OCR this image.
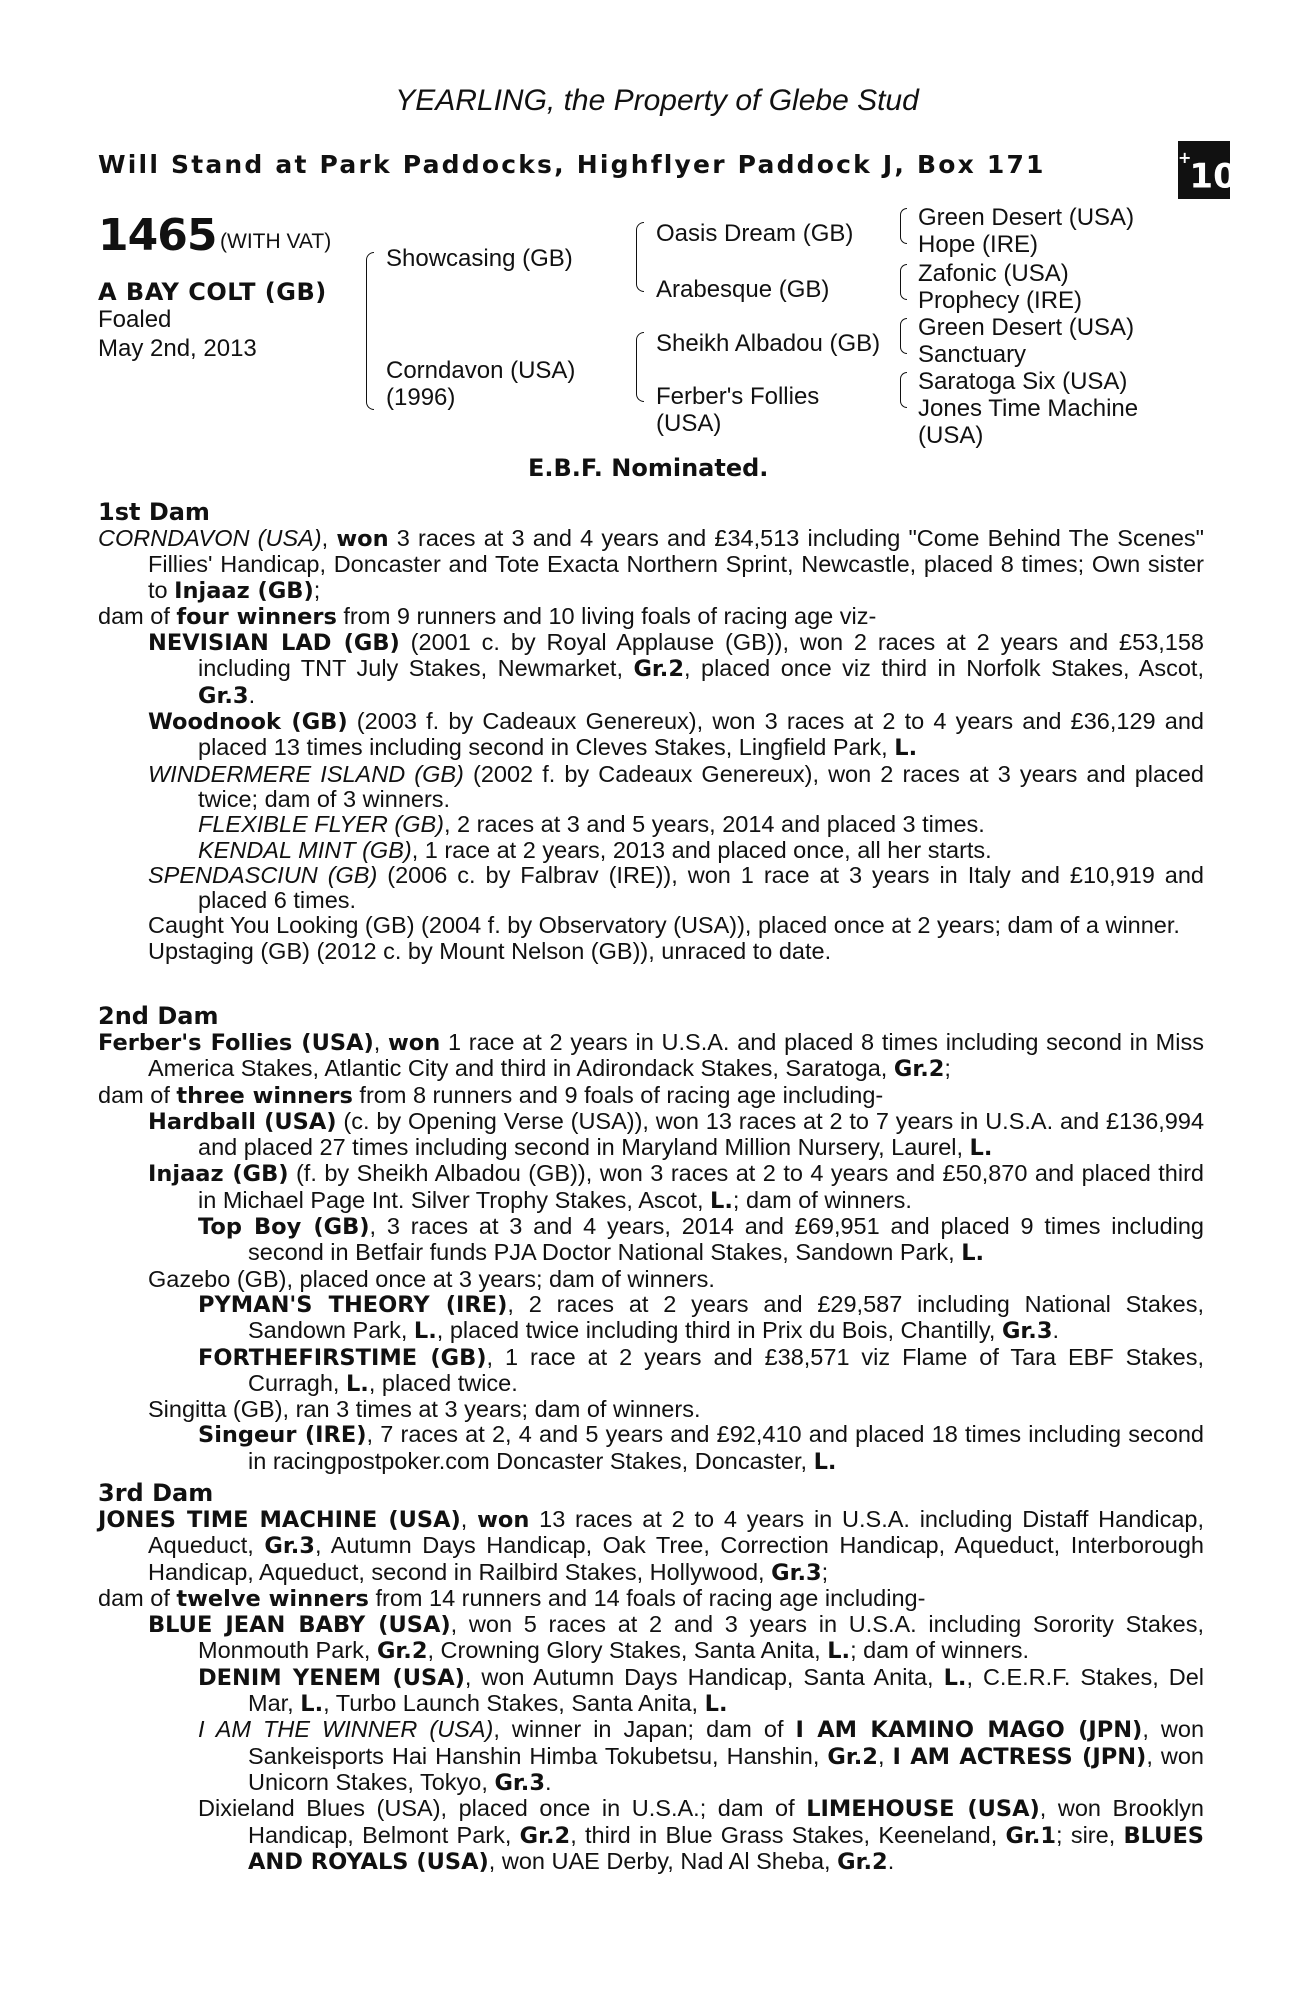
YEARLING, the Property of Glebe Stud
Will Stand at Park Paddocks, Highflyer Paddock J, Box 171	+10
1465 (WITH VAT)
A BAY COLT (GB)
Foaled
May 2nd, 2013
Showcasing (GB)
Corndavon (USA)
(1996)
Oasis Dream (GB)
Arabesque (GB)
Sheikh Albadou (GB)
Ferber's Follies
(USA)
Green Desert (USA)
Hope (IRE)
Zafonic (USA)
Prophecy (IRE)
Green Desert (USA)
Sanctuary
Saratoga Six (USA)
Jones Time Machine
(USA)
E.B.F. Nominated.
1st Dam
CORNDAVON (USA), won 3 races at 3 and 4 years and £34,513 including "Come Behind The Scenes" Fillies' Handicap, Doncaster and Tote Exacta Northern Sprint, Newcastle, placed 8 times; Own sister to Injaaz (GB);
dam of four winners from 9 runners and 10 living foals of racing age viz-
NEVISIAN LAD (GB) (2001 c. by Royal Applause (GB)), won 2 races at 2 years and £53,158 including TNT July Stakes, Newmarket, Gr.2, placed once viz third in Norfolk Stakes, Ascot, Gr.3.
Woodnook (GB) (2003 f. by Cadeaux Genereux), won 3 races at 2 to 4 years and £36,129 and placed 13 times including second in Cleves Stakes, Lingfield Park, L.
WINDERMERE ISLAND (GB) (2002 f. by Cadeaux Genereux), won 2 races at 3 years and placed twice; dam of 3 winners.
FLEXIBLE FLYER (GB), 2 races at 3 and 5 years, 2014 and placed 3 times.
KENDAL MINT (GB), 1 race at 2 years, 2013 and placed once, all her starts.
SPENDASCIUN (GB) (2006 c. by Falbrav (IRE)), won 1 race at 3 years in Italy and £10,919 and placed 6 times.
Caught You Looking (GB) (2004 f. by Observatory (USA)), placed once at 2 years; dam of a winner.
Upstaging (GB) (2012 c. by Mount Nelson (GB)), unraced to date.
2nd Dam
Ferber's Follies (USA), won 1 race at 2 years in U.S.A. and placed 8 times including second in Miss America Stakes, Atlantic City and third in Adirondack Stakes, Saratoga, Gr.2;
dam of three winners from 8 runners and 9 foals of racing age including-
Hardball (USA) (c. by Opening Verse (USA)), won 13 races at 2 to 7 years in U.S.A. and £136,994 and placed 27 times including second in Maryland Million Nursery, Laurel, L.
Injaaz (GB) (f. by Sheikh Albadou (GB)), won 3 races at 2 to 4 years and £50,870 and placed third in Michael Page Int. Silver Trophy Stakes, Ascot, L.; dam of winners.
Top Boy (GB), 3 races at 3 and 4 years, 2014 and £69,951 and placed 9 times including second in Betfair funds PJA Doctor National Stakes, Sandown Park, L.
Gazebo (GB), placed once at 3 years; dam of winners.
PYMAN'S THEORY (IRE), 2 races at 2 years and £29,587 including National Stakes, Sandown Park, L., placed twice including third in Prix du Bois, Chantilly, Gr.3.
FORTHEFIRSTIME (GB), 1 race at 2 years and £38,571 viz Flame of Tara EBF Stakes, Curragh, L., placed twice.
Singitta (GB), ran 3 times at 3 years; dam of winners.
Singeur (IRE), 7 races at 2, 4 and 5 years and £92,410 and placed 18 times including second in racingpostpoker.com Doncaster Stakes, Doncaster, L.
3rd Dam
JONES TIME MACHINE (USA), won 13 races at 2 to 4 years in U.S.A. including Distaff Handicap, Aqueduct, Gr.3, Autumn Days Handicap, Oak Tree, Correction Handicap, Aqueduct, Interborough Handicap, Aqueduct, second in Railbird Stakes, Hollywood, Gr.3;
dam of twelve winners from 14 runners and 14 foals of racing age including-
BLUE JEAN BABY (USA), won 5 races at 2 and 3 years in U.S.A. including Sorority Stakes, Monmouth Park, Gr.2, Crowning Glory Stakes, Santa Anita, L.; dam of winners.
DENIM YENEM (USA), won Autumn Days Handicap, Santa Anita, L., C.E.R.F. Stakes, Del Mar, L., Turbo Launch Stakes, Santa Anita, L.
I AM THE WINNER (USA), winner in Japan; dam of I AM KAMINO MAGO (JPN), won Sankeisports Hai Hanshin Himba Tokubetsu, Hanshin, Gr.2, I AM ACTRESS (JPN), won Unicorn Stakes, Tokyo, Gr.3.
Dixieland Blues (USA), placed once in U.S.A.; dam of LIMEHOUSE (USA), won Brooklyn Handicap, Belmont Park, Gr.2, third in Blue Grass Stakes, Keeneland, Gr.1; sire, BLUES AND ROYALS (USA), won UAE Derby, Nad Al Sheba, Gr.2.
